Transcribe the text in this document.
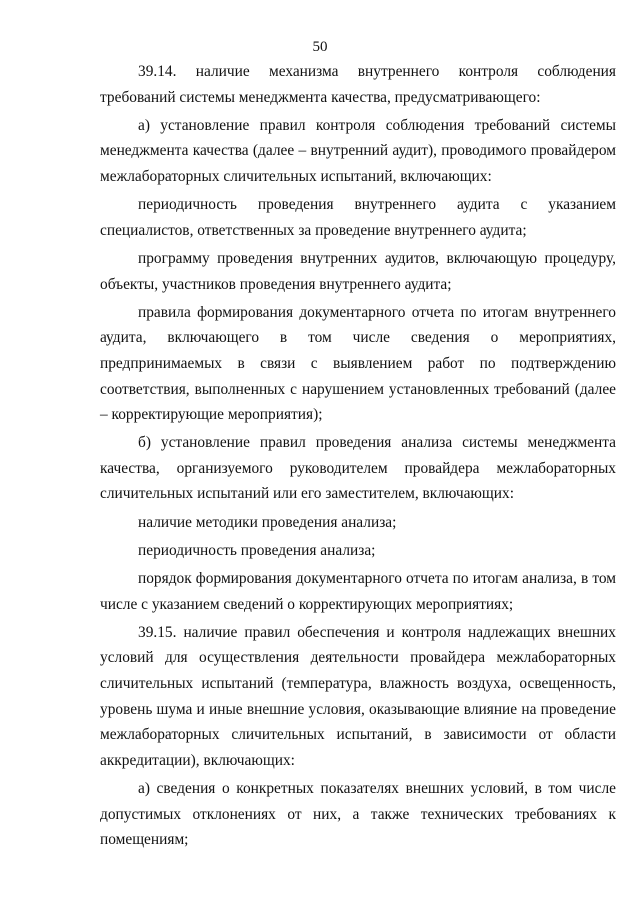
50

39.14. наличие механизма внутреннего контроля соблюдения требований системы менеджмента качества, предусматривающего:

а) установление правил контроля соблюдения требований системы менеджмента качества (далее – внутренний аудит), проводимого провайдером межлабораторных сличительных испытаний, включающих:

периодичность проведения внутреннего аудита с указанием специалистов, ответственных за проведение внутреннего аудита;

программу проведения внутренних аудитов, включающую процедуру, объекты, участников проведения внутреннего аудита;

правила формирования документарного отчета по итогам внутреннего аудита, включающего в том числе сведения о мероприятиях, предпринимаемых в связи с выявлением работ по подтверждению соответствия, выполненных с нарушением установленных требований (далее – корректирующие мероприятия);

б) установление правил проведения анализа системы менеджмента качества, организуемого руководителем провайдера межлабораторных сличительных испытаний или его заместителем, включающих:

наличие методики проведения анализа;

периодичность проведения анализа;

порядок формирования документарного отчета по итогам анализа, в том числе с указанием сведений о корректирующих мероприятиях;

39.15. наличие правил обеспечения и контроля надлежащих внешних условий для осуществления деятельности провайдера межлабораторных сличительных испытаний (температура, влажность воздуха, освещенность, уровень шума и иные внешние условия, оказывающие влияние на проведение межлабораторных сличительных испытаний, в зависимости от области аккредитации), включающих:

а) сведения о конкретных показателях внешних условий, в том числе допустимых отклонениях от них, а также технических требованиях к помещениям;
